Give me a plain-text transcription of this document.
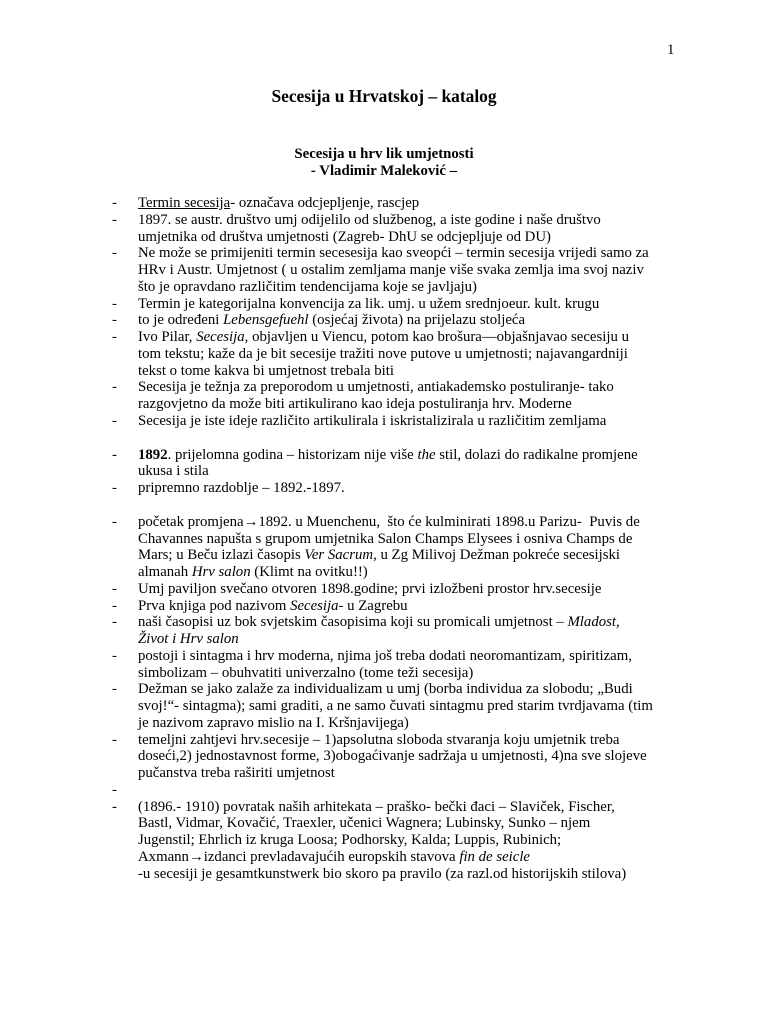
1
Secesija u Hrvatskoj – katalog
Secesija u hrv lik umjetnosti
- Vladimir Maleković –
- Termin secesija- označava odcjepljenje, rascjep
- 1897. se austr. društvo umj odijelilo od službenog, a iste godine i naše društvo
umjetnika od društva umjetnosti (Zagreb- DhU se odcjepljuje od DU)
- Ne može se primijeniti termin secesesija kao sveopći – termin secesija vrijedi samo za
HRv i Austr. Umjetnost ( u ostalim zemljama manje više svaka zemlja ima svoj naziv
što je opravdano različitim tendencijama koje se javljaju)
- Termin je kategorijalna konvencija za lik. umj. u užem srednjoeur. kult. krugu
- to je određeni Lebensgefuehl (osjećaj života) na prijelazu stoljeća
- Ivo Pilar, Secesija, objavljen u Viencu, potom kao brošura—objašnjavao secesiju u
tom tekstu; kaže da je bit secesije tražiti nove putove u umjetnosti; najavangardniji
tekst o tome kakva bi umjetnost trebala biti
- Secesija je težnja za preporodom u umjetnosti, antiakademsko postuliranje- tako
razgovjetno da može biti artikulirano kao ideja postuliranja hrv. Moderne
- Secesija je iste ideje različito artikulirala i iskristalizirala u različitim zemljama
- 1892. prijelomna godina – historizam nije više the stil, dolazi do radikalne promjene
ukusa i stila
- pripremno razdoblje – 1892.-1897.
- početak promjena→1892. u Muenchenu,  što će kulminirati 1898.u Parizu-  Puvis de
Chavannes napušta s grupom umjetnika Salon Champs Elysees i osniva Champs de
Mars; u Beču izlazi časopis Ver Sacrum, u Zg Milivoj Dežman pokreće secesijski
almanah Hrv salon (Klimt na ovitku!!)
- Umj paviljon svečano otvoren 1898.godine; prvi izložbeni prostor hrv.secesije
- Prva knjiga pod nazivom Secesija- u Zagrebu
- naši časopisi uz bok svjetskim časopisima koji su promicali umjetnost – Mladost,
Život i Hrv salon
- postoji i sintagma i hrv moderna, njima još treba dodati neoromantizam, spiritizam,
simbolizam – obuhvatiti univerzalno (tome teži secesija)
- Dežman se jako zalaže za individualizam u umj (borba individua za slobodu; „Budi
svoj!“- sintagma); sami graditi, a ne samo čuvati sintagmu pred starim tvrdjavama (tim
je nazivom zapravo mislio na I. Kršnjavijega)
- temeljni zahtjevi hrv.secesije – 1)apsolutna sloboda stvaranja koju umjetnik treba
doseći,2) jednostavnost forme, 3)obogaćivanje sadržaja u umjetnosti, 4)na sve slojeve
pučanstva treba raširiti umjetnost
-
- (1896.- 1910) povratak naših arhitekata – praško- bečki đaci – Slaviček, Fischer,
Bastl, Vidmar, Kovačić, Traexler, učenici Wagnera; Lubinsky, Sunko – njem
Jugenstil; Ehrlich iz kruga Loosa; Podhorsky, Kalda; Luppis, Rubinich;
Axmann→izdanci prevladavajućih europskih stavova fin de seicle
-u secesiji je gesamtkunstwerk bio skoro pa pravilo (za razl.od historijskih stilova)
